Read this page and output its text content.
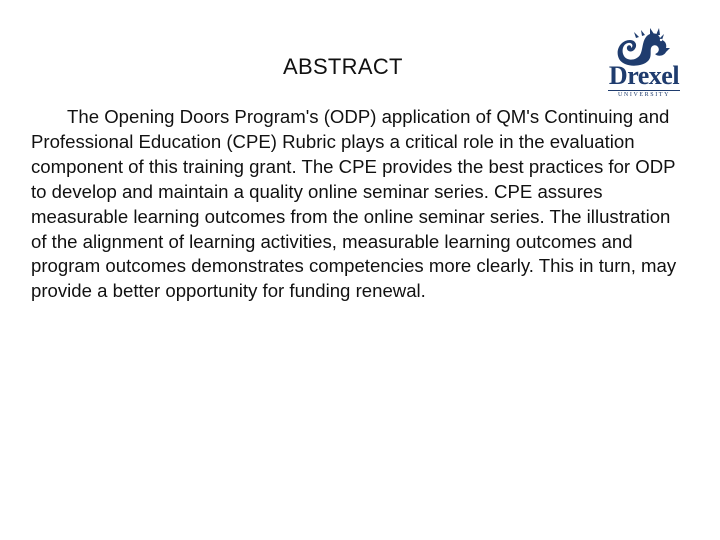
ABSTRACT	Drexel
UNIVERSITY

The Opening Doors Program's (ODP) application of QM's Continuing and Professional Education (CPE) Rubric plays a critical role in the evaluation component of this training grant. The CPE provides the best practices for ODP to develop and maintain a quality online seminar series. CPE assures measurable learning outcomes from the online seminar series. The illustration of the alignment of learning activities, measurable learning outcomes and program outcomes demonstrates competencies more clearly. This in turn, may provide a better opportunity for funding renewal.
